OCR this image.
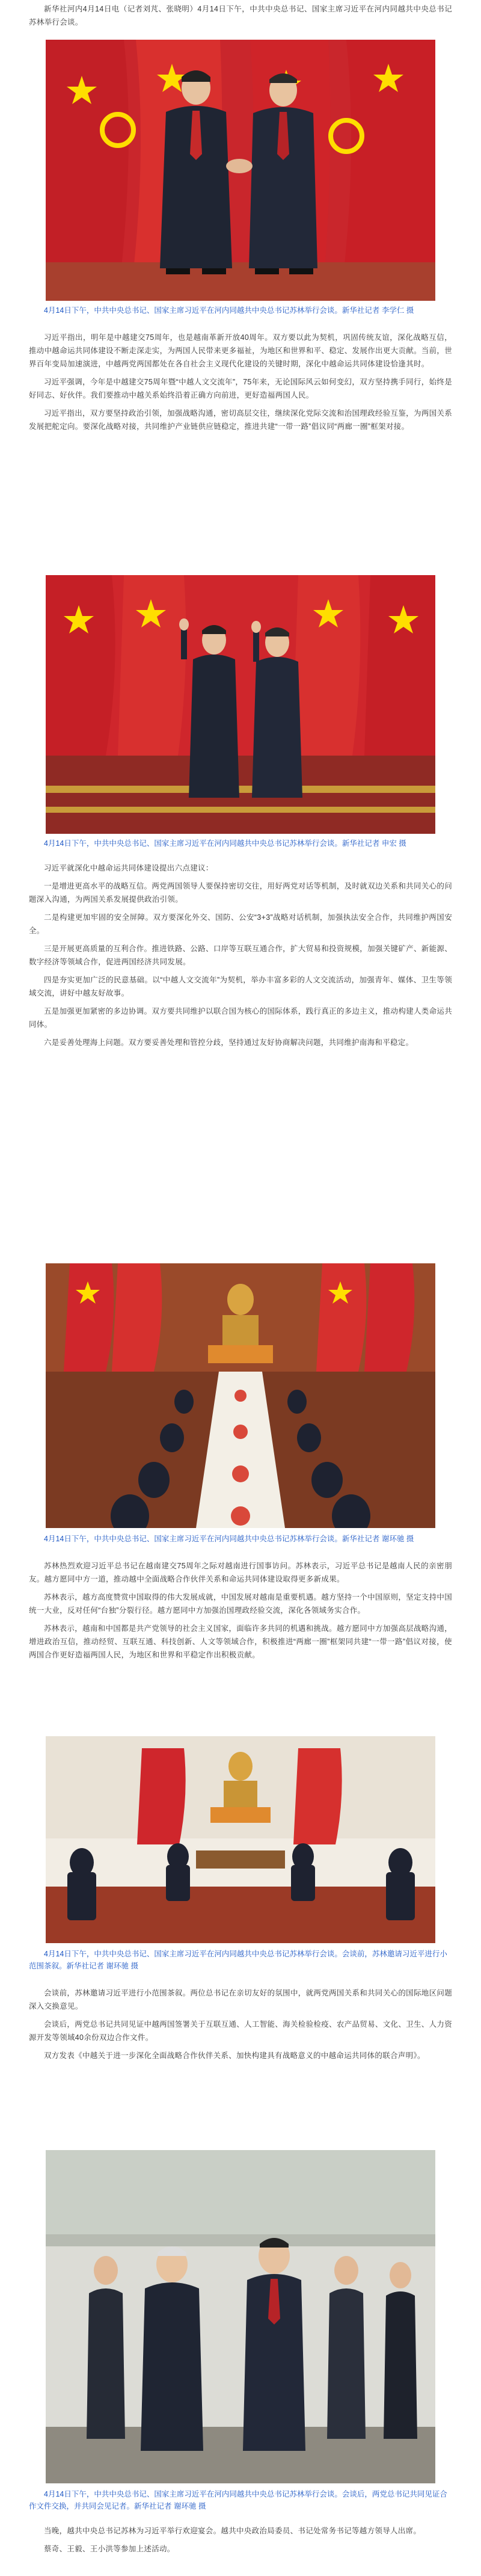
新华社河内4月14日电（记者刘芃、张晓明）4月14日下午，中共中央总书记、国家主席习近平在河内同越共中央总书记苏林举行会谈。

4月14日下午，中共中央总书记、国家主席习近平在河内同越共中央总书记苏林举行会谈。新华社记者 李学仁 摄

习近平指出，明年是中越建交75周年，也是越南革新开放40周年。双方要以此为契机，巩固传统友谊，深化战略互信，推动中越命运共同体建设不断走深走实，为两国人民带来更多福祉，为地区和世界和平、稳定、发展作出更大贡献。当前，世界百年变局加速演进，中越两党两国都处在各自社会主义现代化建设的关键时期，深化中越命运共同体建设恰逢其时。

习近平强调，今年是中越建交75周年暨“中越人文交流年”，75年来，无论国际风云如何变幻，双方坚持携手同行，始终是好同志、好伙伴。我们要推动中越关系始终沿着正确方向前进，更好造福两国人民。

习近平指出，双方要坚持政治引领，加强战略沟通，密切高层交往，继续深化党际交流和治国理政经验互鉴，为两国关系发展把舵定向。要深化战略对接，共同维护产业链供应链稳定，推进共建“一带一路”倡议同“两廊一圈”框架对接。

4月14日下午，中共中央总书记、国家主席习近平在河内同越共中央总书记苏林举行会谈。新华社记者 申宏 摄

习近平就深化中越命运共同体建设提出六点建议：

一是增进更高水平的战略互信。两党两国领导人要保持密切交往，用好两党对话等机制，及时就双边关系和共同关心的问题深入沟通，为两国关系发展提供政治引领。

二是构建更加牢固的安全屏障。双方要深化外交、国防、公安“3+3”战略对话机制，加强执法安全合作，共同维护两国安全。

三是开展更高质量的互利合作。推进铁路、公路、口岸等互联互通合作，扩大贸易和投资规模，加强关键矿产、新能源、数字经济等领域合作，促进两国经济共同发展。

四是夯实更加广泛的民意基础。以“中越人文交流年”为契机，举办丰富多彩的人文交流活动，加强青年、媒体、卫生等领域交流，讲好中越友好故事。

五是加强更加紧密的多边协调。双方要共同维护以联合国为核心的国际体系，践行真正的多边主义，推动构建人类命运共同体。

六是妥善处理海上问题。双方要妥善处理和管控分歧，坚持通过友好协商解决问题，共同维护南海和平稳定。

4月14日下午，中共中央总书记、国家主席习近平在河内同越共中央总书记苏林举行会谈。新华社记者 谢环驰 摄

苏林热烈欢迎习近平总书记在越南建交75周年之际对越南进行国事访问。苏林表示，习近平总书记是越南人民的亲密朋友。越方愿同中方一道，推动越中全面战略合作伙伴关系和命运共同体建设取得更多新成果。

苏林表示，越方高度赞赏中国取得的伟大发展成就，中国发展对越南是重要机遇。越方坚持一个中国原则，坚定支持中国统一大业，反对任何“台独”分裂行径。越方愿同中方加强治国理政经验交流，深化各领域务实合作。

苏林表示，越南和中国都是共产党领导的社会主义国家，面临许多共同的机遇和挑战。越方愿同中方加强高层战略沟通，增进政治互信，推动经贸、互联互通、科技创新、人文等领域合作，积极推进“两廊一圈”框架同共建“一带一路”倡议对接，使两国合作更好造福两国人民，为地区和世界和平稳定作出积极贡献。

4月14日下午，中共中央总书记、国家主席习近平在河内同越共中央总书记苏林举行会谈。会谈前，苏林邀请习近平进行小范围茶叙。新华社记者 谢环驰 摄

会谈前，苏林邀请习近平进行小范围茶叙。两位总书记在亲切友好的氛围中，就两党两国关系和共同关心的国际地区问题深入交换意见。

会谈后，两党总书记共同见证中越两国签署关于互联互通、人工智能、海关检验检疫、农产品贸易、文化、卫生、人力资源开发等领域40余份双边合作文件。

双方发表《中越关于进一步深化全面战略合作伙伴关系、加快构建具有战略意义的中越命运共同体的联合声明》。

4月14日下午，中共中央总书记、国家主席习近平在河内同越共中央总书记苏林举行会谈。会谈后，两党总书记共同见证合作文件交换，并共同会见记者。新华社记者 谢环驰 摄

当晚，越共中央总书记苏林为习近平举行欢迎宴会。越共中央政治局委员、书记处常务书记等越方领导人出席。

蔡奇、王毅、王小洪等参加上述活动。
